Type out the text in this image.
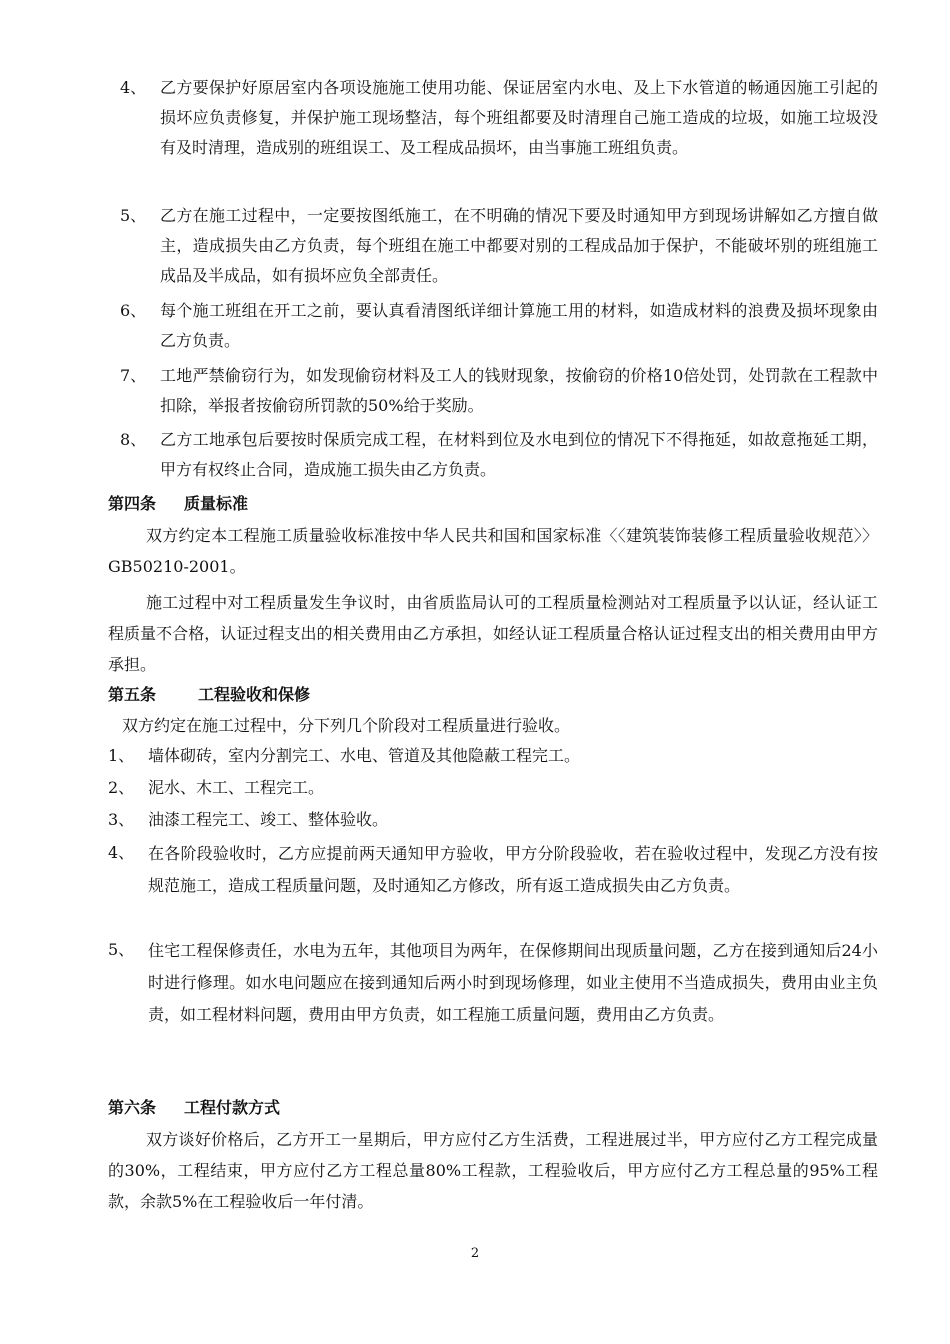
4、 乙方要保护好原居室内各项设施施工使用功能、保证居室内水电、及上下水管道的畅通因施工引起的损坏应负责修复，并保护施工现场整洁，每个班组都要及时清理自己施工造成的垃圾，如施工垃圾没有及时清理，造成别的班组误工、及工程成品损坏，由当事施工班组负责。
5、 乙方在施工过程中，一定要按图纸施工，在不明确的情况下要及时通知甲方到现场讲解如乙方擅自做主，造成损失由乙方负责，每个班组在施工中都要对别的工程成品加于保护，不能破坏别的班组施工成品及半成品，如有损坏应负全部责任。
6、 每个施工班组在开工之前，要认真看清图纸详细计算施工用的材料，如造成材料的浪费及损坏现象由乙方负责。
7、 工地严禁偷窃行为，如发现偷窃材料及工人的钱财现象，按偷窃的价格10倍处罚，处罚款在工程款中扣除，举报者按偷窃所罚款的50%给于奖励。
8、 乙方工地承包后要按时保质完成工程，在材料到位及水电到位的情况下不得拖延，如故意拖延工期，甲方有权终止合同，造成施工损失由乙方负责。
第四条 质量标准
双方约定本工程施工质量验收标准按中华人民共和国和国家标准〈〈建筑装饰装修工程质量验收规范〉〉GB50210-2001。
施工过程中对工程质量发生争议时，由省质监局认可的工程质量检测站对工程质量予以认证，经认证工程质量不合格，认证过程支出的相关费用由乙方承担，如经认证工程质量合格认证过程支出的相关费用由甲方承担。
第五条	工程验收和保修
双方约定在施工过程中，分下列几个阶段对工程质量进行验收。
1、 墙体砌砖，室内分割完工、水电、管道及其他隐蔽工程完工。
2、 泥水、木工、工程完工。
3、 油漆工程完工、竣工、整体验收。
4、 在各阶段验收时，乙方应提前两天通知甲方验收，甲方分阶段验收，若在验收过程中，发现乙方没有按规范施工，造成工程质量问题，及时通知乙方修改，所有返工造成损失由乙方负责。
5、 住宅工程保修责任，水电为五年，其他项目为两年，在保修期间出现质量问题，乙方在接到通知后24小时进行修理。如水电问题应在接到通知后两小时到现场修理，如业主使用不当造成损失，费用由业主负责，如工程材料问题，费用由甲方负责，如工程施工质量问题，费用由乙方负责。
第六条 工程付款方式
双方谈好价格后，乙方开工一星期后，甲方应付乙方生活费，工程进展过半，甲方应付乙方工程完成量的30%，工程结束，甲方应付乙方工程总量80%工程款，工程验收后，甲方应付乙方工程总量的95%工程款，余款5%在工程验收后一年付清。
2
